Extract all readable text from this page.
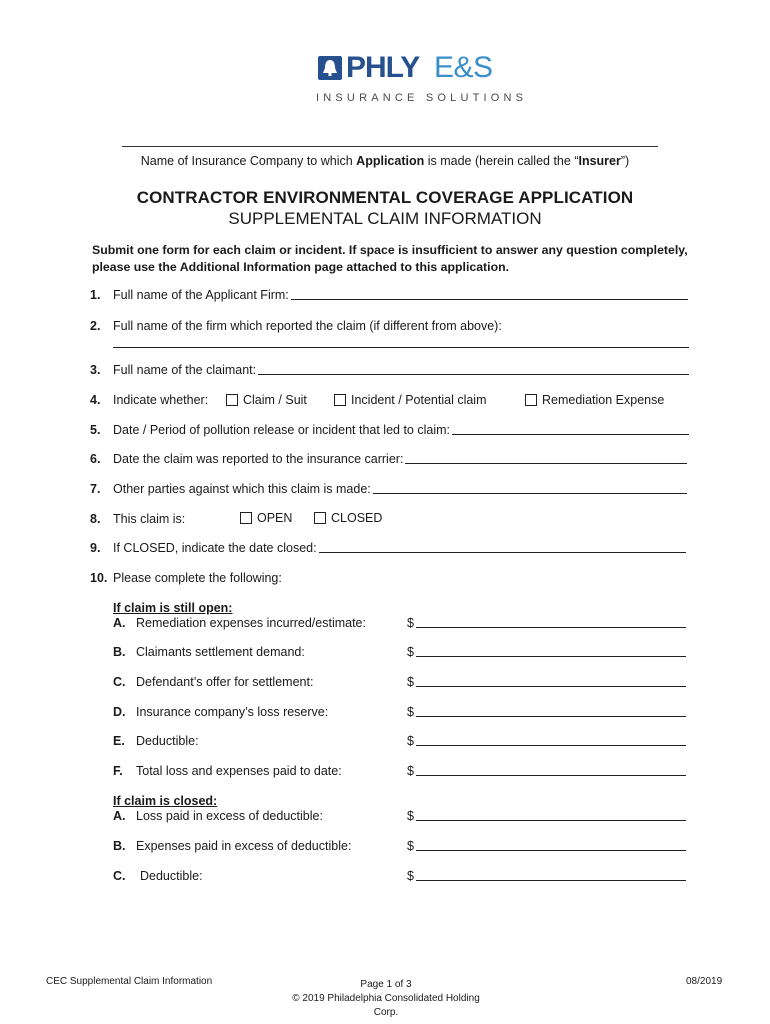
PHLY E&S
INSURANCE SOLUTIONS
Name of Insurance Company to which Application is made (herein called the “Insurer”)
CONTRACTOR ENVIRONMENTAL COVERAGE APPLICATION
SUPPLEMENTAL CLAIM INFORMATION
Submit one form for each claim or incident. If space is insufficient to answer any question completely, please use the Additional Information page attached to this application.
1.	Full name of the Applicant Firm:
2.	Full name of the firm which reported the claim (if different from above):
3.	Full name of the claimant:
4.	Indicate whether:	Claim / Suit	Incident / Potential claim	Remediation Expense
5.	Date / Period of pollution release or incident that led to claim:
6.	Date the claim was reported to the insurance carrier:
7.	Other parties against which this claim is made:
8.	This claim is:	OPEN	CLOSED
9.	If CLOSED, indicate the date closed:
10. Please complete the following:
If claim is still open:
A. Remediation expenses incurred/estimate:	$
B. Claimants settlement demand:	$
C. Defendant’s offer for settlement:	$
D. Insurance company’s loss reserve:	$
E. Deductible:	$
F.	Total loss and expenses paid to date:	$
If claim is closed:
A. Loss paid in excess of deductible:	$
B. Expenses paid in excess of deductible:	$
C.	Deductible:	$
CEC Supplemental Claim Information	Page 1 of 3
© 2019 Philadelphia Consolidated Holding Corp.
08/2019
